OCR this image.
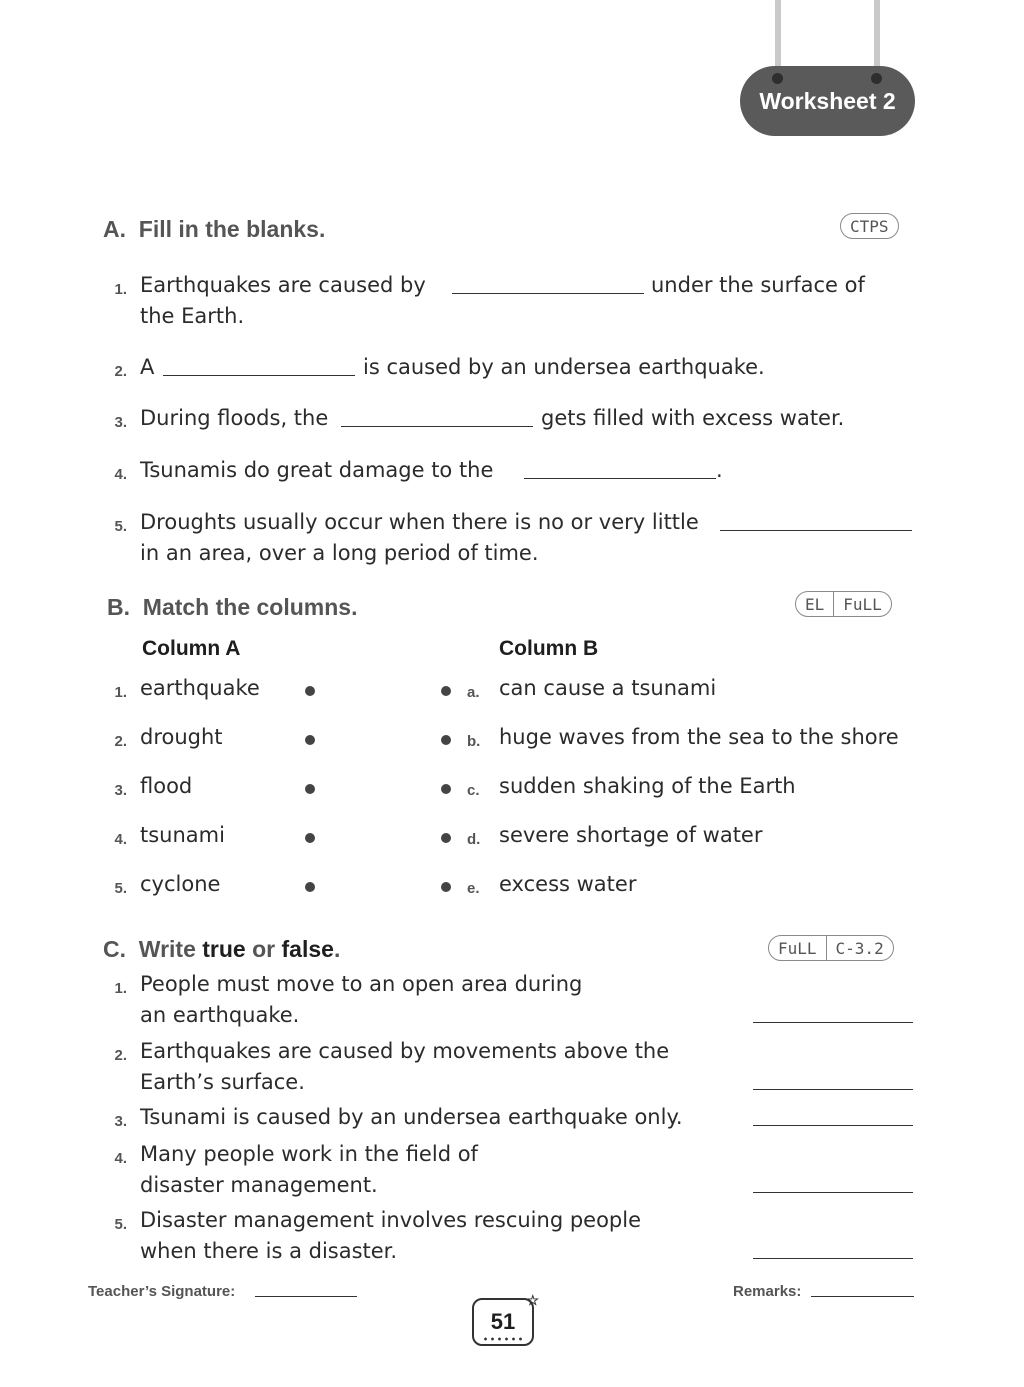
Worksheet 2
A. Fill in the blanks.	CTPS
1. Earthquakes are caused by	under the surface of
the Earth.
2. A	is caused by an undersea earthquake.
3. During floods, the	gets filled with excess water.
4. Tsunamis do great damage to the	.
5. Droughts usually occur when there is no or very little
in an area, over a long period of time.
B. Match the columns.	EL	FuLL
Column A	Column B
1. earthquake	a. can cause a tsunami
2. drought	b. huge waves from the sea to the shore
3. flood	c. sudden shaking of the Earth
4. tsunami	d. severe shortage of water
5. cyclone	e. excess water
C. Write true or false.	FuLL	C-3.2
1. People must move to an open area during
an earthquake.
2. Earthquakes are caused by movements above the
Earth’s surface.
3. Tsunami is caused by an undersea earthquake only.
4. Many people work in the field of
disaster management.
5. Disaster management involves rescuing people
when there is a disaster.
Teacher’s Signature:	Remarks:
51
☆
